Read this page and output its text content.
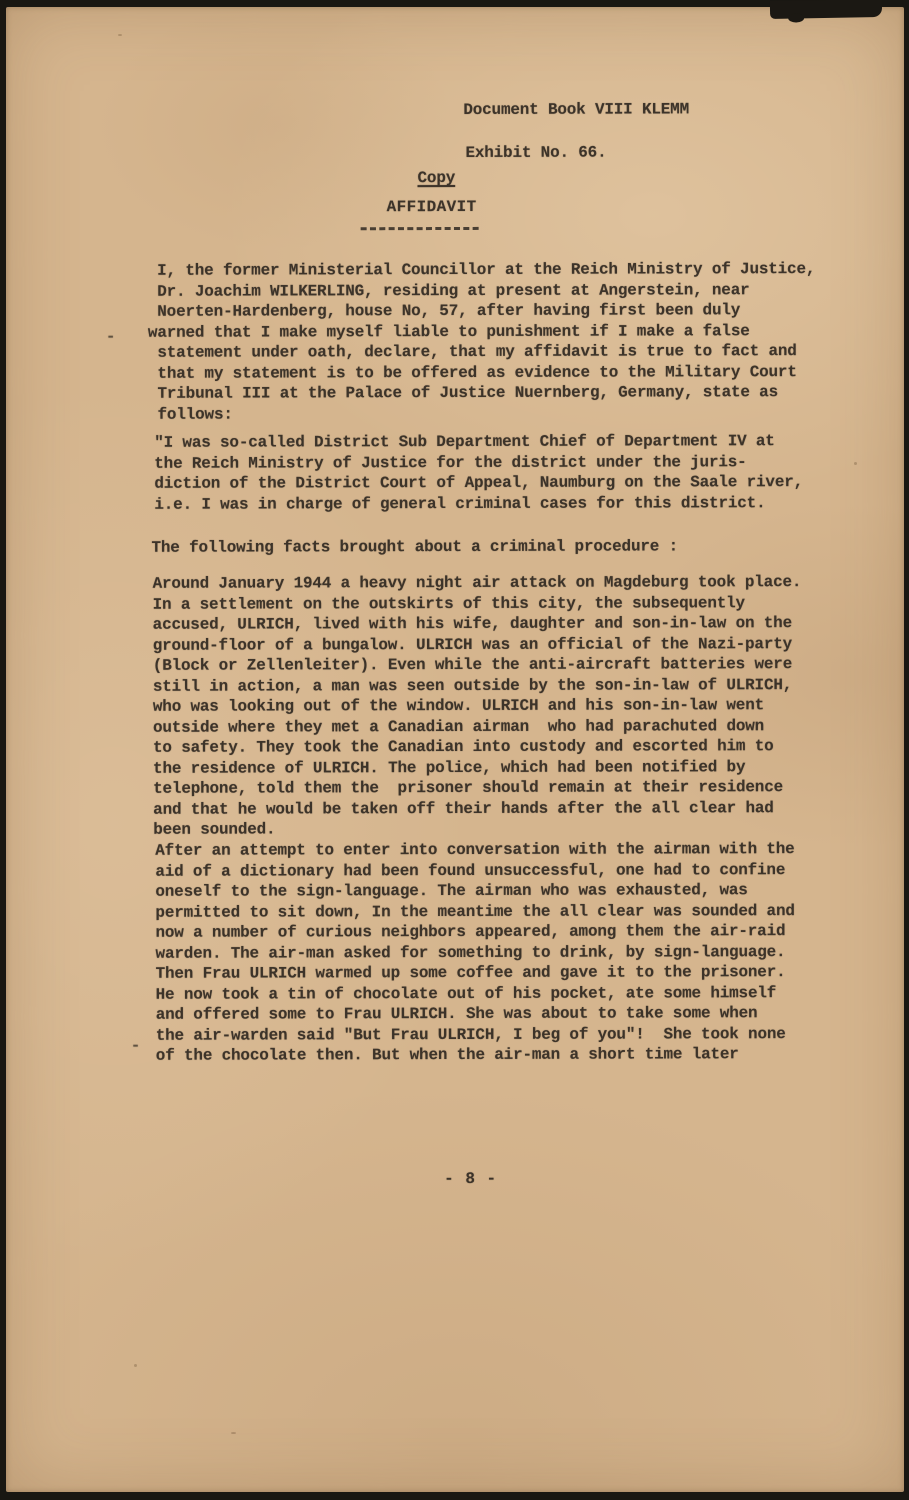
Document Book VIII KLEMM
Exhibit No. 66.
Copy
AFFIDAVIT
I, the former Ministerial Councillor at the Reich Ministry of Justice,
Dr. Joachim WILKERLING, residing at present at Angerstein, near
Noerten-Hardenberg, house No, 57, after having first been duly
warned that I make myself liable to punishment if I make a false
statement under oath, declare, that my affidavit is true to fact and
that my statement is to be offered as evidence to the Military Court
Tribunal III at the Palace of Justice Nuernberg, Germany, state as
follows:
"I was so-called District Sub Department Chief of Department IV at
the Reich Ministry of Justice for the district under the juris-
diction of the District Court of Appeal, Naumburg on the Saale river,
i.e. I was in charge of general criminal cases for this district.
The following facts brought about a criminal procedure :
Around January 1944 a heavy night air attack on Magdeburg took place.
In a settlement on the outskirts of this city, the subsequently
accused, ULRICH, lived with his wife, daughter and son-in-law on the
ground-floor of a bungalow. ULRICH was an official of the Nazi-party
(Block or Zellenleiter). Even while the anti-aircraft batteries were
still in action, a man was seen outside by the son-in-law of ULRICH,
who was looking out of the window. ULRICH and his son-in-law went
outside where they met a Canadian airman  who had parachuted down
to safety. They took the Canadian into custody and escorted him to
the residence of ULRICH. The police, which had been notified by
telephone, told them the  prisoner should remain at their residence
and that he would be taken off their hands after the all clear had
been sounded.
After an attempt to enter into conversation with the airman with the
aid of a dictionary had been found unsuccessful, one had to confine
oneself to the sign-language. The airman who was exhausted, was
permitted to sit down, In the meantime the all clear was sounded and
now a number of curious neighbors appeared, among them the air-raid
warden. The air-man asked for something to drink, by sign-language.
Then Frau ULRICH warmed up some coffee and gave it to the prisoner.
He now took a tin of chocolate out of his pocket, ate some himself
and offered some to Frau ULRICH. She was about to take some when
the air-warden said "But Frau ULRICH, I beg of you"!  She took none
of the chocolate then. But when the air-man a short time later
- 8 -
-
-
